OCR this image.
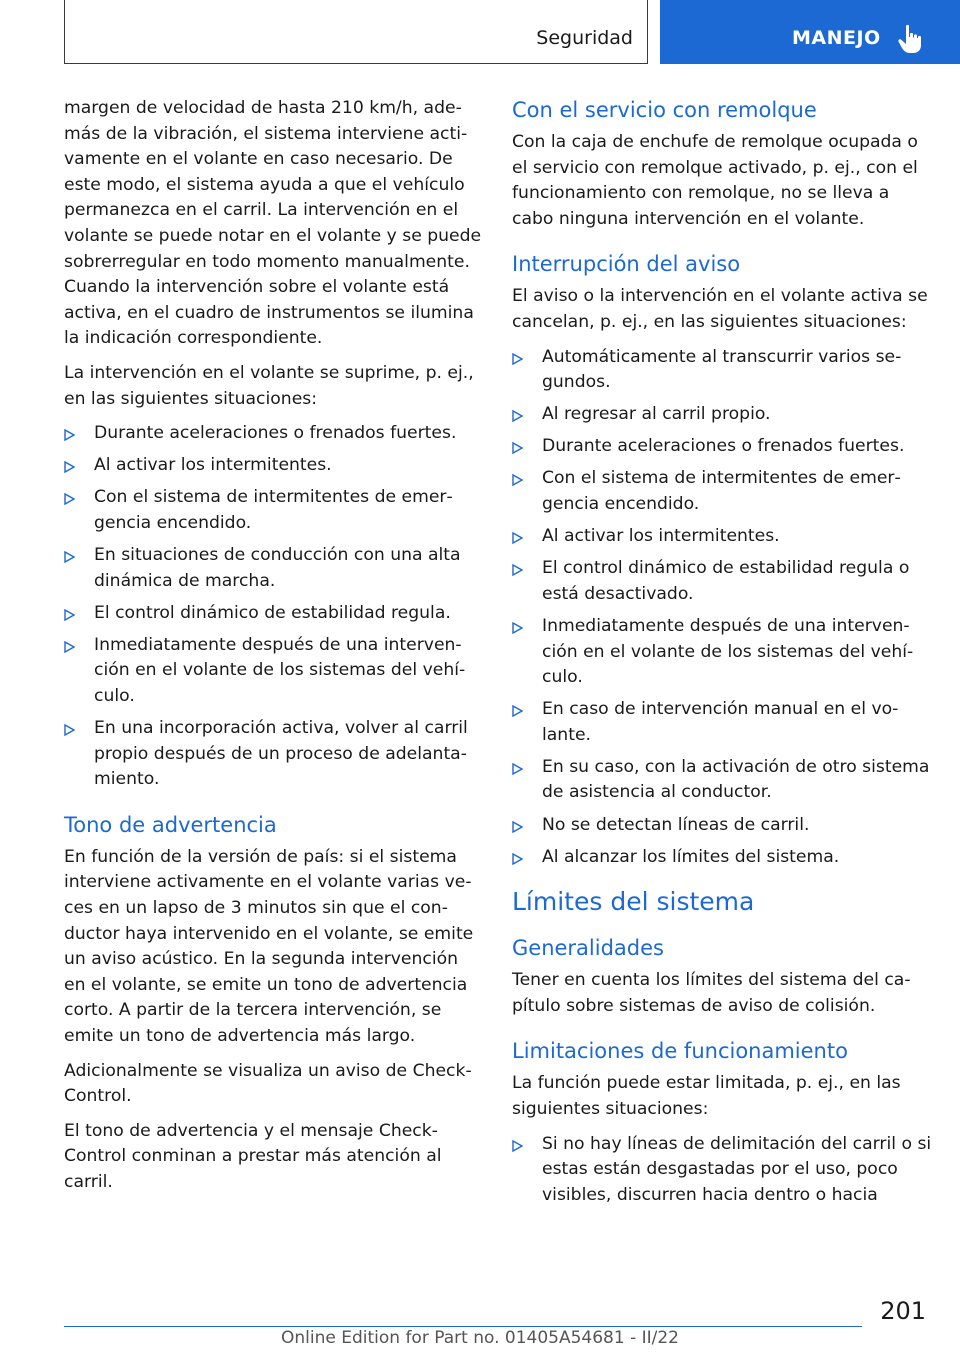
Seguridad	MANEJO

margen de velocidad de hasta 210 km/h, además de la vibración, el sistema interviene activamente en el volante en caso necesario. De este modo, el sistema ayuda a que el vehículo permanezca en el carril. La intervención en el volante se puede notar en el volante y se puede sobrerregular en todo momento manualmente. Cuando la intervención sobre el volante está activa, en el cuadro de instrumentos se ilumina la indicación correspondiente.

La intervención en el volante se suprime, p. ej., en las siguientes situaciones:

Durante aceleraciones o frenados fuertes.
Al activar los intermitentes.
Con el sistema de intermitentes de emergencia encendido.
En situaciones de conducción con una alta dinámica de marcha.
El control dinámico de estabilidad regula.
Inmediatamente después de una intervención en el volante de los sistemas del vehículo.
En una incorporación activa, volver al carril propio después de un proceso de adelantamiento.
Tono de advertencia

En función de la versión de país: si el sistema interviene activamente en el volante varias veces en un lapso de 3 minutos sin que el conductor haya intervenido en el volante, se emite un aviso acústico. En la segunda intervención en el volante, se emite un tono de advertencia corto. A partir de la tercera intervención, se emite un tono de advertencia más largo.

Adicionalmente se visualiza un aviso de Check-Control.

El tono de advertencia y el mensaje Check-Control conminan a prestar más atención al carril.

Con el servicio con remolque

Con la caja de enchufe de remolque ocupada o el servicio con remolque activado, p. ej., con el funcionamiento con remolque, no se lleva a cabo ninguna intervención en el volante.

Interrupción del aviso

El aviso o la intervención en el volante activa se cancelan, p. ej., en las siguientes situaciones:

Automáticamente al transcurrir varios segundos.
Al regresar al carril propio.
Durante aceleraciones o frenados fuertes.
Con el sistema de intermitentes de emergencia encendido.
Al activar los intermitentes.
El control dinámico de estabilidad regula o está desactivado.
Inmediatamente después de una intervención en el volante de los sistemas del vehículo.
En caso de intervención manual en el volante.
En su caso, con la activación de otro sistema de asistencia al conductor.
No se detectan líneas de carril.
Al alcanzar los límites del sistema.
Límites del sistema
Generalidades

Tener en cuenta los límites del sistema del capítulo sobre sistemas de aviso de colisión.

Limitaciones de funcionamiento

La función puede estar limitada, p. ej., en las siguientes situaciones:

Si no hay líneas de delimitación del carril o si estas están desgastadas por el uso, poco visibles, discurren hacia dentro o hacia
201
Online Edition for Part no. 01405A54681 - II/22
